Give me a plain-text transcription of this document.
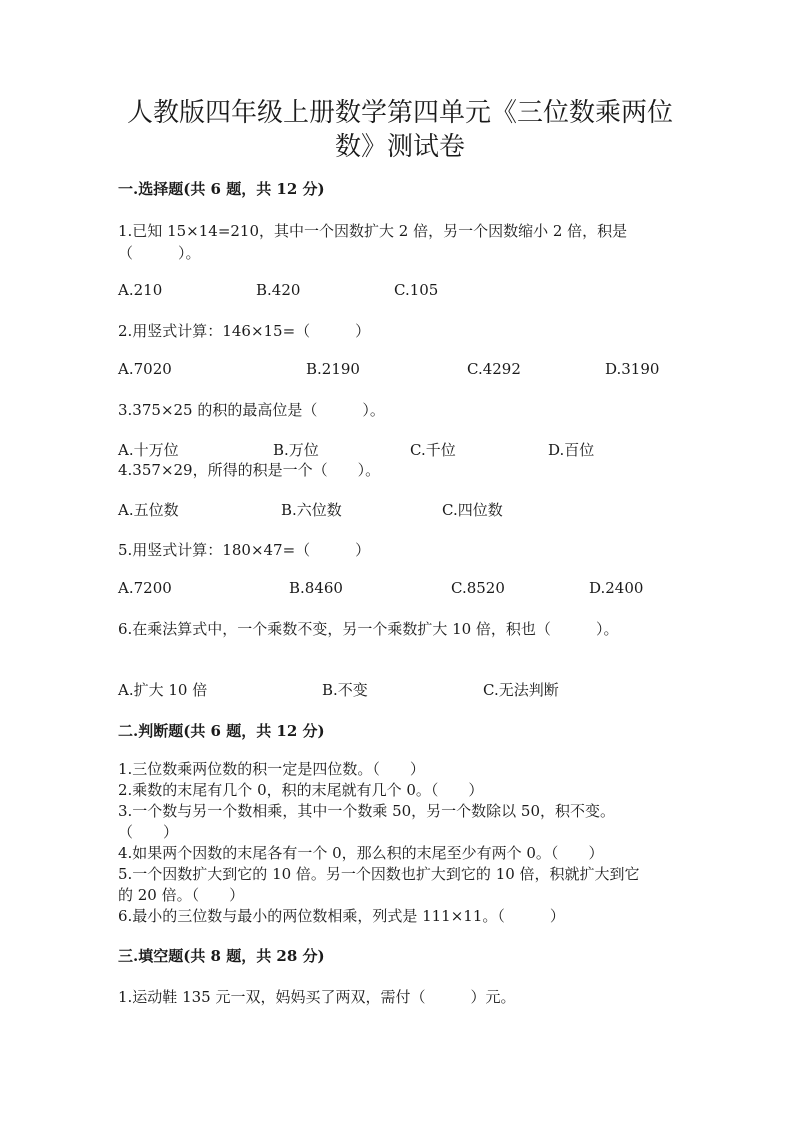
人教版四年级上册数学第四单元《三位数乘两位
数》测试卷
一.选择题(共 6 题，共 12 分)
1.已知 15×14=210，其中一个因数扩大 2 倍，另一个因数缩小 2 倍，积是
（　　　）。
A.210	B.420	C.105
2.用竖式计算：146×15=（　　　）
A.7020	B.2190	C.4292	D.3190
3.375×25 的积的最高位是（　　　）。
A.十万位	B.万位	C.千位	D.百位
4.357×29，所得的积是一个（　　）。
A.五位数	B.六位数	C.四位数
5.用竖式计算：180×47=（　　　）
A.7200	B.8460	C.8520	D.2400
6.在乘法算式中，一个乘数不变，另一个乘数扩大 10 倍，积也（　　　）。
A.扩大 10 倍	B.不变	C.无法判断
二.判断题(共 6 题，共 12 分)
1.三位数乘两位数的积一定是四位数。（　　）
2.乘数的末尾有几个 0，积的末尾就有几个 0。（　　）
3.一个数与另一个数相乘，其中一个数乘 50，另一个数除以 50，积不变。
（　　）
4.如果两个因数的末尾各有一个 0，那么积的末尾至少有两个 0。（　　）
5.一个因数扩大到它的 10 倍。另一个因数也扩大到它的 10 倍，积就扩大到它
的 20 倍。（　　）
6.最小的三位数与最小的两位数相乘，列式是 111×11。（　　　）
三.填空题(共 8 题，共 28 分)
1.运动鞋 135 元一双，妈妈买了两双，需付（　　　）元。
